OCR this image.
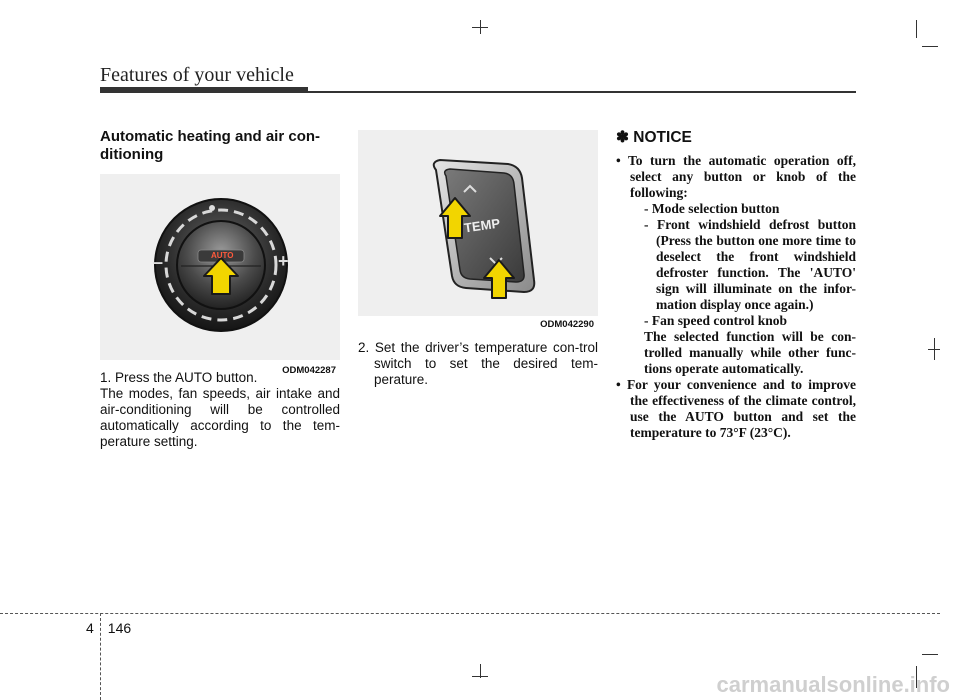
Features of your vehicle
Automatic heating and air con-ditioning
AUTO
–	+
ODM042287
1. Press the AUTO button.
The modes, fan speeds, air intake and air-conditioning will be controlled automatically according to the tem-perature setting.
TEMP
ODM042290
2. Set the driver’s temperature con-trol switch to set the desired tem-perature.
✽ NOTICE
• To turn the automatic operation off, select any button or knob of the following:
- Mode selection button
- Front windshield defrost button (Press the button one more time to deselect the front windshield defroster function. The 'AUTO' sign will illuminate on the infor-mation display once again.)
- Fan speed control knob
The selected function will be con-trolled manually while other func-tions operate automatically.
• For your convenience and to improve the effectiveness of the climate control, use the AUTO button and set the temperature to 73°F (23°C).
4 146
carmanualsonline.info
